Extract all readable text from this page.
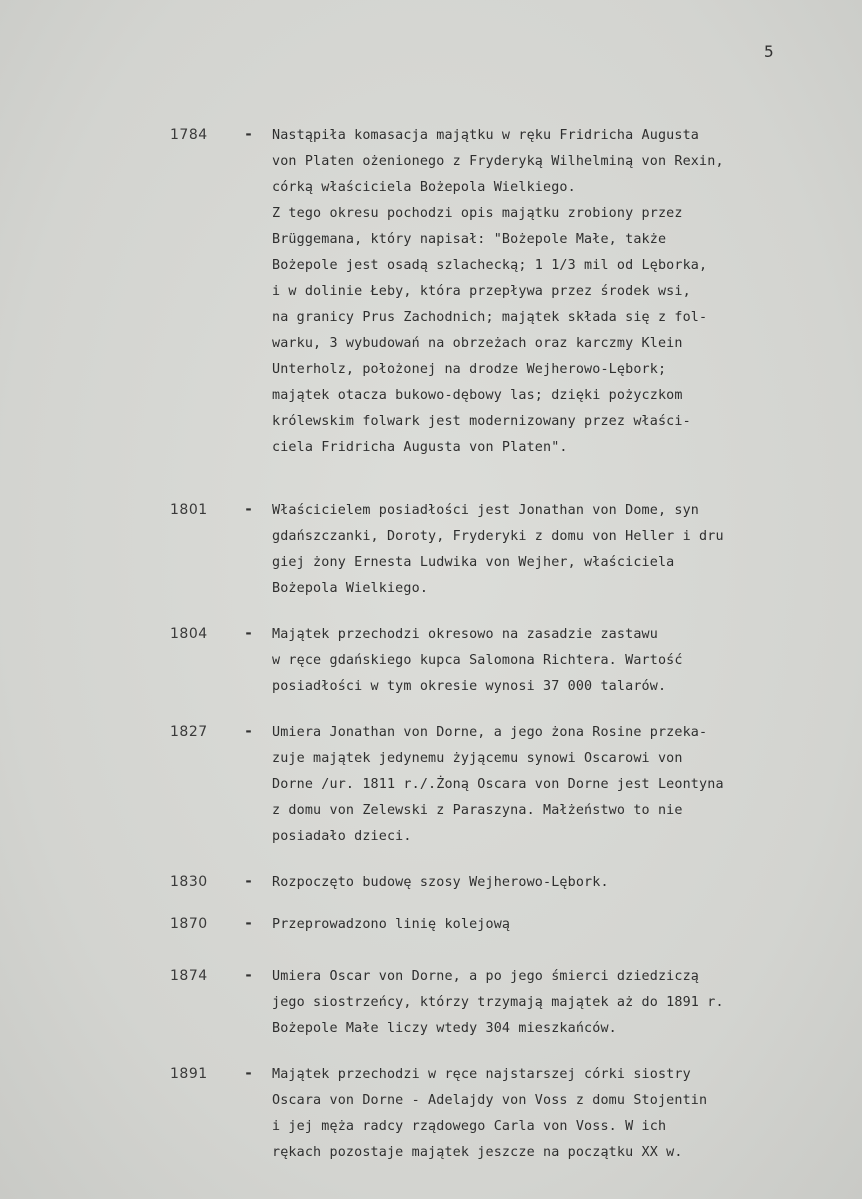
5
1784 - Nastąpiła komasacja majątku w ręku Fridricha Augusta
von Platen ożenionego z Fryderyką Wilhelminą von Rexin,
córką właściciela Bożepola Wielkiego.
Z tego okresu pochodzi opis majątku zrobiony przez
Brüggemana, który napisał: "Bożepole Małe, także
Bożepole jest osadą szlachecką; 1 1/3 mil od Lęborka,
i w dolinie Łeby, która przepływa przez środek wsi,
na granicy Prus Zachodnich; majątek składa się z fol-
warku, 3 wybudowań na obrzeżach oraz karczmy Klein
Unterholz, położonej na drodze Wejherowo-Lębork;
majątek otacza bukowo-dębowy las; dzięki pożyczkom
królewskim folwark jest modernizowany przez właści-
ciela Fridricha Augusta von Platen".
1801 - Właścicielem posiadłości jest Jonathan von Dome, syn
gdańszczanki, Doroty, Fryderyki z domu von Heller i dru
giej żony Ernesta Ludwika von Wejher, właściciela
Bożepola Wielkiego.
1804 - Majątek przechodzi okresowo na zasadzie zastawu
w ręce gdańskiego kupca Salomona Richtera. Wartość
posiadłości w tym okresie wynosi 37 000 talarów.
1827 - Umiera Jonathan von Dorne, a jego żona Rosine przeka-
zuje majątek jedynemu żyjącemu synowi Oscarowi von
Dorne /ur. 1811 r./.Żoną Oscara von Dorne jest Leontyna
z domu von Zelewski z Paraszyna. Małżeństwo to nie
posiadało dzieci.
1830 - Rozpoczęto budowę szosy Wejherowo-Lębork.
1870 - Przeprowadzono linię kolejową
1874 - Umiera Oscar von Dorne, a po jego śmierci dziedziczą
jego siostrzeńcy, którzy trzymają majątek aż do 1891 r.
Bożepole Małe liczy wtedy 304 mieszkańców.
1891 - Majątek przechodzi w ręce najstarszej córki siostry
Oscara von Dorne - Adelajdy von Voss z domu Stojentin
i jej męża radcy rządowego Carla von Voss. W ich
rękach pozostaje majątek jeszcze na początku XX w.
